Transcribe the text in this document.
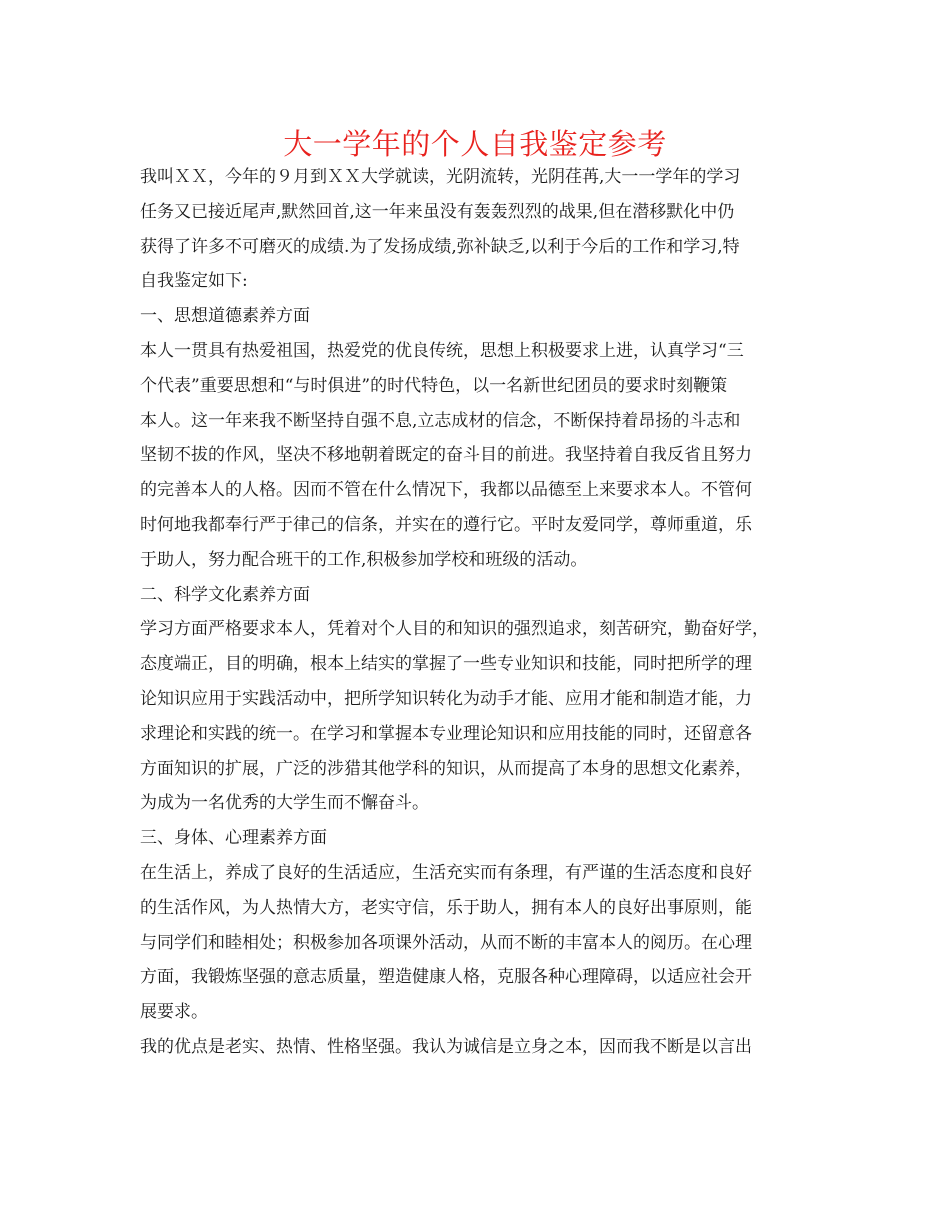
大一学年的个人自我鉴定参考
我叫ＸＸ，今年的９月到ＸＸ大学就读，光阴流转，光阴荏苒,大一一学年的学习
任务又已接近尾声,默然回首,这一年来虽没有轰轰烈烈的战果,但在潜移默化中仍
获得了许多不可磨灭的成绩.为了发扬成绩,弥补缺乏,以利于今后的工作和学习,特
自我鉴定如下:
一、思想道德素养方面
本人一贯具有热爱祖国，热爱党的优良传统，思想上积极要求上进，认真学习“三
个代表”重要思想和“与时俱进”的时代特色，以一名新世纪团员的要求时刻鞭策
本人。这一年来我不断坚持自强不息,立志成材的信念，不断保持着昂扬的斗志和
坚韧不拔的作风，坚决不移地朝着既定的奋斗目的前进。我坚持着自我反省且努力
的完善本人的人格。因而不管在什么情况下，我都以品德至上来要求本人。不管何
时何地我都奉行严于律己的信条，并实在的遵行它。平时友爱同学，尊师重道，乐
于助人，努力配合班干的工作,积极参加学校和班级的活动。
二、科学文化素养方面
学习方面严格要求本人，凭着对个人目的和知识的强烈追求，刻苦研究，勤奋好学，
态度端正，目的明确，根本上结实的掌握了一些专业知识和技能，同时把所学的理
论知识应用于实践活动中，把所学知识转化为动手才能、应用才能和制造才能，力
求理论和实践的统一。在学习和掌握本专业理论知识和应用技能的同时，还留意各
方面知识的扩展，广泛的涉猎其他学科的知识，从而提高了本身的思想文化素养，
为成为一名优秀的大学生而不懈奋斗。
三、身体、心理素养方面
在生活上，养成了良好的生活适应，生活充实而有条理，有严谨的生活态度和良好
的生活作风，为人热情大方，老实守信，乐于助人，拥有本人的良好出事原则，能
与同学们和睦相处；积极参加各项课外活动，从而不断的丰富本人的阅历。在心理
方面，我锻炼坚强的意志质量，塑造健康人格，克服各种心理障碍，以适应社会开
展要求。
我的优点是老实、热情、性格坚强。我认为诚信是立身之本，因而我不断是以言出
